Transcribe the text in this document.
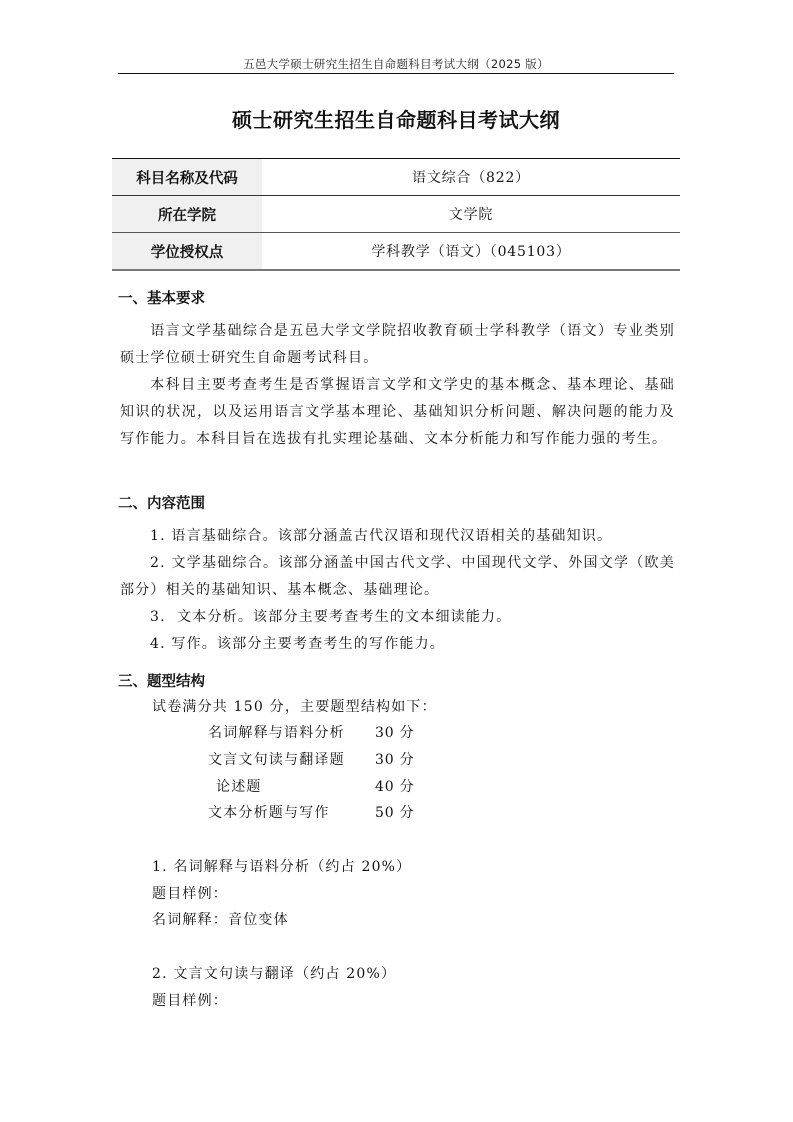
五邑大学硕士研究生招生自命题科目考试大纲（2025 版）
硕士研究生招生自命题科目考试大纲
科目名称及代码	语文综合（822）
所在学院	文学院
学位授权点	学科教学（语文）（045103）
一、基本要求
语言文学基础综合是五邑大学文学院招收教育硕士学科教学（语文）专业类别硕士学位硕士研究生自命题考试科目。
本科目主要考查考生是否掌握语言文学和文学史的基本概念、基本理论、基础知识的状况，以及运用语言文学基本理论、基础知识分析问题、解决问题的能力及写作能力。本科目旨在选拔有扎实理论基础、文本分析能力和写作能力强的考生。
二、内容范围
1. 语言基础综合。该部分涵盖古代汉语和现代汉语相关的基础知识。
2. 文学基础综合。该部分涵盖中国古代文学、中国现代文学、外国文学（欧美部分）相关的基础知识、基本概念、基础理论。
3.  文本分析。该部分主要考查考生的文本细读能力。
4. 写作。该部分主要考查考生的写作能力。
三、题型结构
试卷满分共 150 分，主要题型结构如下：
名词解释与语料分析 30 分
文言文句读与翻译题 30 分
论述题	40 分
文本分析题与写作	50 分
1. 名词解释与语料分析（约占 20%）
题目样例：
名词解释：音位变体
2. 文言文句读与翻译（约占 20%）
题目样例：
